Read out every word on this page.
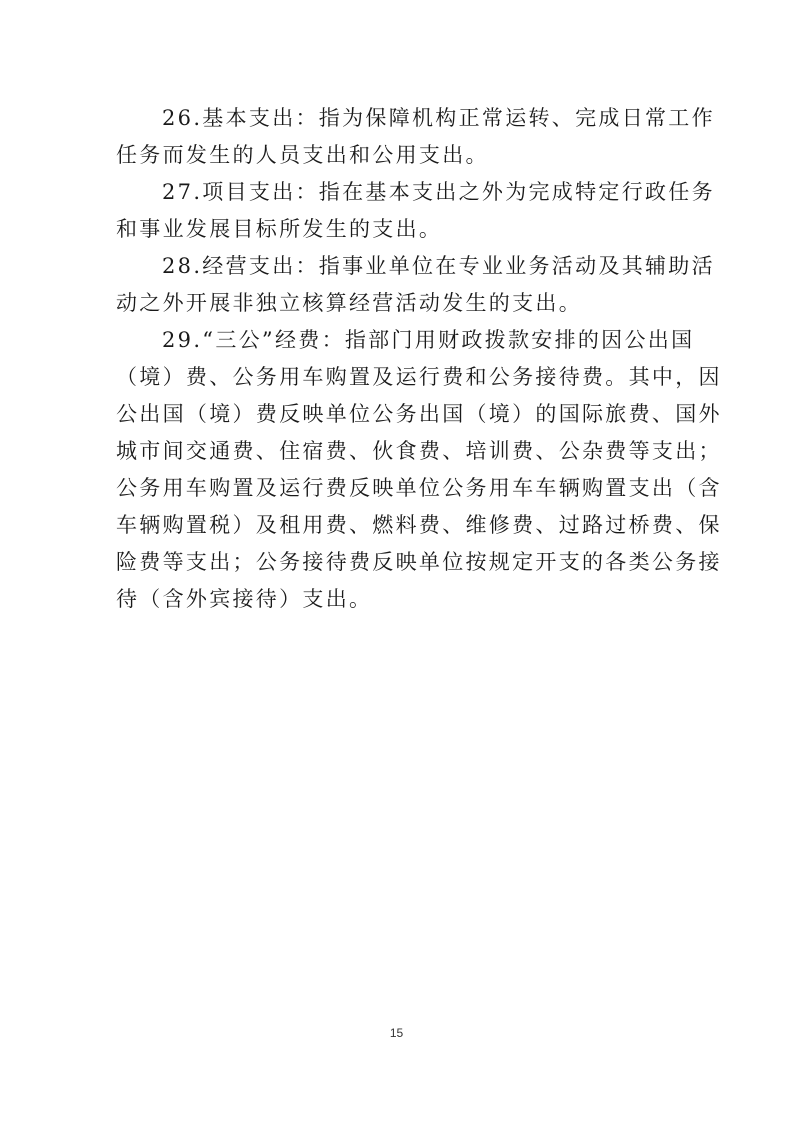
26.基本支出：指为保障机构正常运转、完成日常工作
任务而发生的人员支出和公用支出。
27.项目支出：指在基本支出之外为完成特定行政任务
和事业发展目标所发生的支出。
28.经营支出：指事业单位在专业业务活动及其辅助活
动之外开展非独立核算经营活动发生的支出。
29.“三公”经费：指部门用财政拨款安排的因公出国
（境）费、公务用车购置及运行费和公务接待费。其中，因
公出国（境）费反映单位公务出国（境）的国际旅费、国外
城市间交通费、住宿费、伙食费、培训费、公杂费等支出；
公务用车购置及运行费反映单位公务用车车辆购置支出（含
车辆购置税）及租用费、燃料费、维修费、过路过桥费、保
险费等支出；公务接待费反映单位按规定开支的各类公务接
待（含外宾接待）支出。
15
